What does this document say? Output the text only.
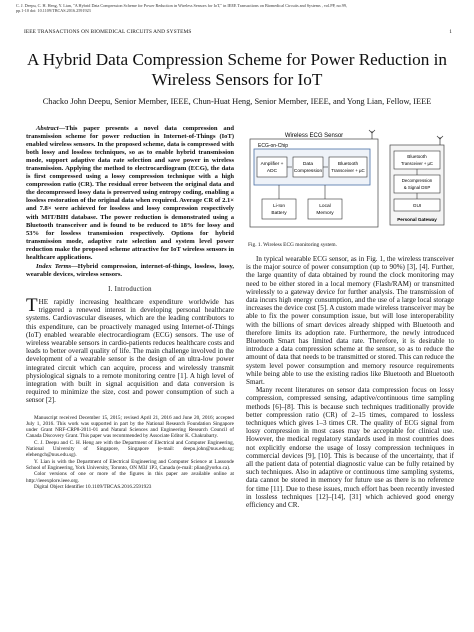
C. J. Deepu, C. H. Heng, Y. Lian, "A Hybrid Data Compression Scheme for Power Reduction in Wireless Sensors for IoT," in IEEE Transactions on Biomedical Circuits and Systems , vol.PP, no.99,
pp.1-10 doi: 10.1109/TBCAS.2016.2591923
IEEE TRANSACTIONS ON BIOMEDICAL CIRCUITS AND SYSTEMS	1
A Hybrid Data Compression Scheme for Power Reduction in Wireless Sensors for IoT
Chacko John Deepu, Senior Member, IEEE, Chun-Huat Heng, Senior Member, IEEE, and Yong Lian, Fellow, IEEE

Abstract—This paper presents a novel data compression and transmission scheme for power reduction in Internet-of-Things (IoT) enabled wireless sensors. In the proposed scheme, data is compressed with both lossy and lossless techniques, so as to enable hybrid transmission mode, support adaptive data rate selection and save power in wireless transmission. Applying the method to electrocardiogram (ECG), the data is first compressed using a lossy compression technique with a high compression ratio (CR). The residual error between the original data and the decompressed lossy data is preserved using entropy coding, enabling a lossless restoration of the original data when required. Average CR of 2.1× and 7.8× were achieved for lossless and lossy compression respectively with MIT/BIH database. The power reduction is demonstrated using a Bluetooth transceiver and is found to be reduced to 18% for lossy and 53% for lossless transmission respectively. Options for hybrid transmission mode, adaptive rate selection and system level power reduction make the proposed scheme attractive for IoT wireless sensors in healthcare applications.

Index Terms—Hybrid compression, internet-of-things, lossless, lossy, wearable devices, wireless sensors.

I. Introduction

THE rapidly increasing healthcare expenditure worldwide has triggered a renewed interest in developing personal healthcare systems. Cardiovascular diseases, which are the leading contributors to this expenditure, can be proactively managed using Internet-of-Things (IoT) enabled wearable electrocardiogram (ECG) sensors. The use of wireless wearable sensors in cardio-patients reduces healthcare costs and leads to better overall quality of life. The main challenge involved in the development of a wearable sensor is the design of an ultra-low power integrated circuit which can acquire, process and wirelessly transmit physiological signals to a remote monitoring centre [1]. A high level of integration with built in signal acquisition and data conversion is required to minimize the size, cost and power consumption of such a sensor [2].

Manuscript received December 15, 2015; revised April 21, 2016 and June 20, 2016; accepted July 1, 2016. This work was supported in part by the National Research Foundation Singapore under Grant NRF-CRP8-2011-01 and Natural Sciences and Engineering Research Council of Canada Discovery Grant. This paper was recommended by Associate Editor K. Chakrabarty.

C. J. Deepu and C. H. Heng are with the Department of Electrical and Computer Engineering, National University of Singapore, Singapore (e-mail: deepu.john@nus.edu.sg; elehengch@nus.edu.sg).

Y. Lian is with the Department of Electrical Engineering and Computer Science at Lassonde School of Engineering, York University, Toronto, ON M3J 1P3, Canada (e-mail: plian@yorku.ca).

Color versions of one or more of the figures in this paper are available online at http://ieeexplore.ieee.org.

Digital Object Identifier 10.1109/TBCAS.2016.2591923

Wireless ECG Sensor
ECG-on-Chip
Amplifier +
ADC
Data
Compression
Bluetooth
Transceiver + µC
Li-Ion
Battery
Local
Memory
Bluetooth
Transceiver + µC
Decompression
& Signal DSP
GUI
Personal Gateway
Fig. 1. Wireless ECG monitoring system.

In typical wearable ECG sensor, as in Fig. 1, the wireless transceiver is the major source of power consumption (up to 90%) [3], [4]. Further, the large quantity of data obtained by round the clock monitoring may need to be either stored in a local memory (Flash/RAM) or transmitted wirelessly to a gateway device for further analysis. The transmission of data incurs high energy consumption, and the use of a large local storage increases the device cost [5]. A custom made wireless transceiver may be able to fix the power consumption issue, but will lose interoperability with the billions of smart devices already shipped with Bluetooth and therefore limits its adoption rate. Furthermore, the newly introduced Bluetooth Smart has limited data rate. Therefore, it is desirable to introduce a data compression scheme at the sensor, so as to reduce the amount of data that needs to be transmitted or stored. This can reduce the system level power consumption and memory resource requirements while being able to use the existing radios like Bluetooth and Bluetooth Smart.

Many recent literatures on sensor data compression focus on lossy compression, compressed sensing, adaptive/continuous time sampling methods [6]–[8]. This is because such techniques traditionally provide better compression ratio (CR) of 2–15 times, compared to lossless techniques which gives 1–3 times CR. The quality of ECG signal from lossy compression in most cases may be acceptable for clinical use. However, the medical regulatory standards used in most countries does not explicitly endorse the usage of lossy compression techniques in commercial devices [9], [10]. This is because of the uncertainty, that if all the patient data of potential diagnostic value can be fully retained by such techniques. Also in adaptive or continuous time sampling systems, data cannot be stored in memory for future use as there is no reference for time [11]. Due to these issues, much effort has been recently invested in lossless techniques [12]–[14], [31] which achieved good energy efficiency and CR.
